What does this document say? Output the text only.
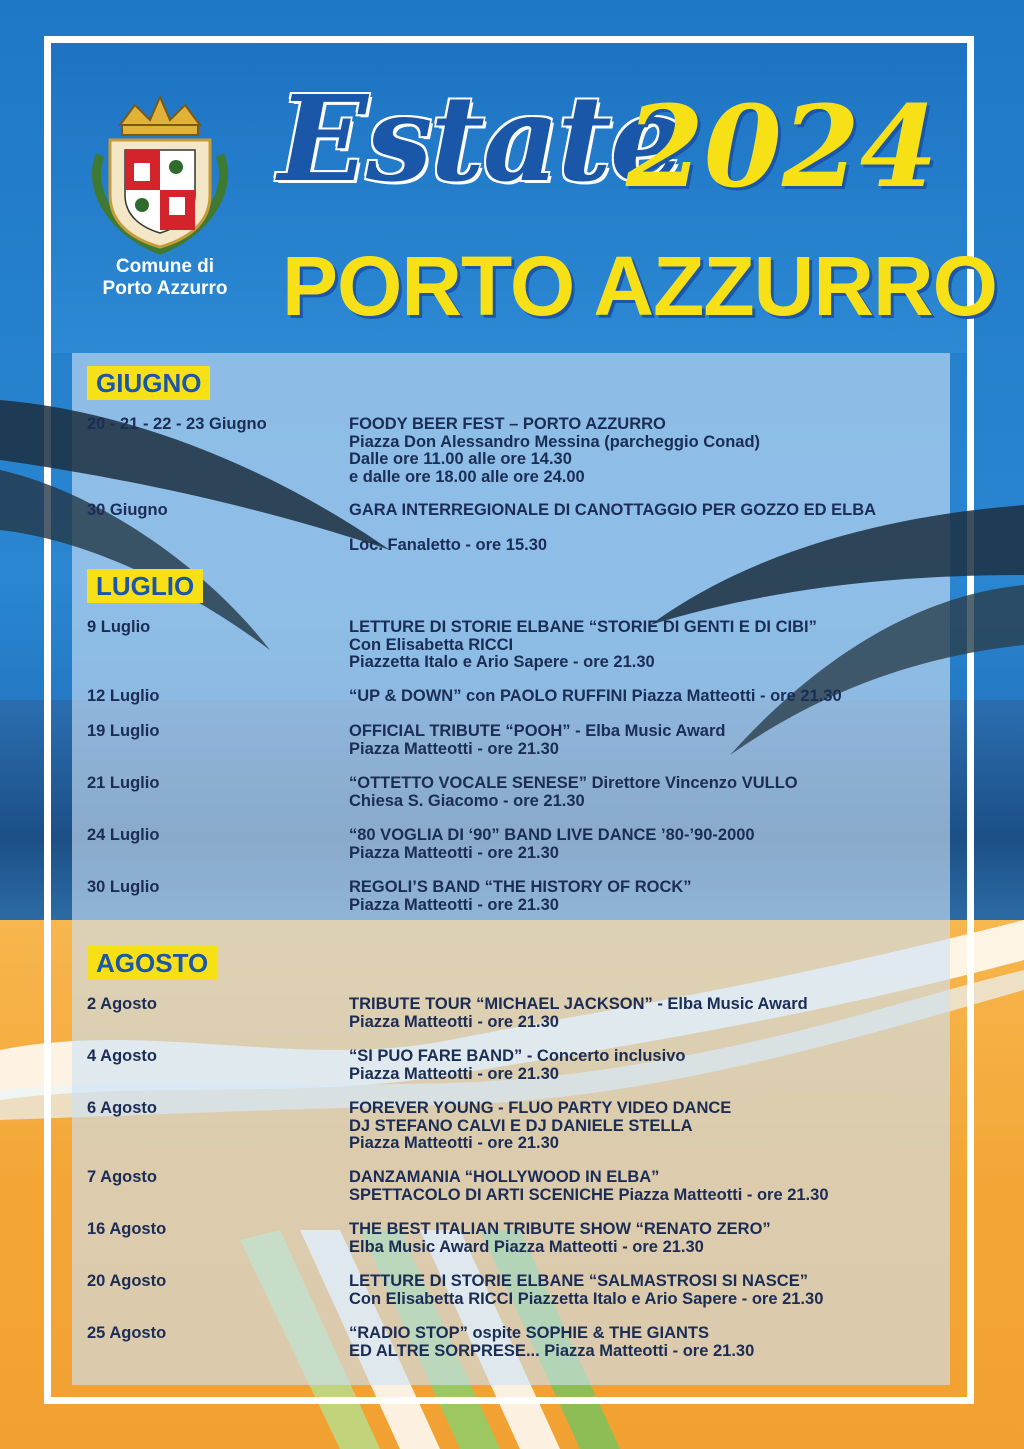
Comune di
Porto Azzurro
Estate
2024
PORTO AZZURRO
GIUGNO
20 - 21 - 22 - 23 Giugno	FOODY BEER FEST – PORTO AZZURRO
Piazza Don Alessandro Messina (parcheggio Conad)
Dalle ore 11.00 alle ore 14.30
e dalle ore 18.00 alle ore 24.00
30 Giugno	GARA INTERREGIONALE DI CANOTTAGGIO PER GOZZO ED ELBA
Loc. Fanaletto - ore 15.30
LUGLIO
9 Luglio	LETTURE DI STORIE ELBANE “STORIE DI GENTI E DI CIBI”
Con Elisabetta RICCI
Piazzetta Italo e Ario Sapere - ore 21.30
12 Luglio	“UP & DOWN” con PAOLO RUFFINI Piazza Matteotti - ore 21.30
19 Luglio	OFFICIAL TRIBUTE “POOH” - Elba Music Award
Piazza Matteotti - ore 21.30
21 Luglio	“OTTETTO VOCALE SENESE” Direttore Vincenzo VULLO
Chiesa S. Giacomo - ore 21.30
24 Luglio	“80 VOGLIA DI ‘90” BAND LIVE DANCE ’80-’90-2000
Piazza Matteotti - ore 21.30
30 Luglio	REGOLI’S BAND “THE HISTORY OF ROCK”
Piazza Matteotti - ore 21.30
AGOSTO
2 Agosto	TRIBUTE TOUR “MICHAEL JACKSON” - Elba Music Award
Piazza Matteotti - ore 21.30
4 Agosto	“SI PUO FARE BAND” - Concerto inclusivo
Piazza Matteotti - ore 21.30
6 Agosto	FOREVER YOUNG - FLUO PARTY VIDEO DANCE
DJ STEFANO CALVI E DJ DANIELE STELLA
Piazza Matteotti - ore 21.30
7 Agosto	DANZAMANIA “HOLLYWOOD IN ELBA”
SPETTACOLO DI ARTI SCENICHE Piazza Matteotti - ore 21.30
16 Agosto	THE BEST ITALIAN TRIBUTE SHOW “RENATO ZERO”
Elba Music Award Piazza Matteotti - ore 21.30
20 Agosto	LETTURE DI STORIE ELBANE “SALMASTROSI SI NASCE”
Con Elisabetta RICCI Piazzetta Italo e Ario Sapere - ore 21.30
25 Agosto	“RADIO STOP” ospite SOPHIE & THE GIANTS
ED ALTRE SORPRESE... Piazza Matteotti - ore 21.30
